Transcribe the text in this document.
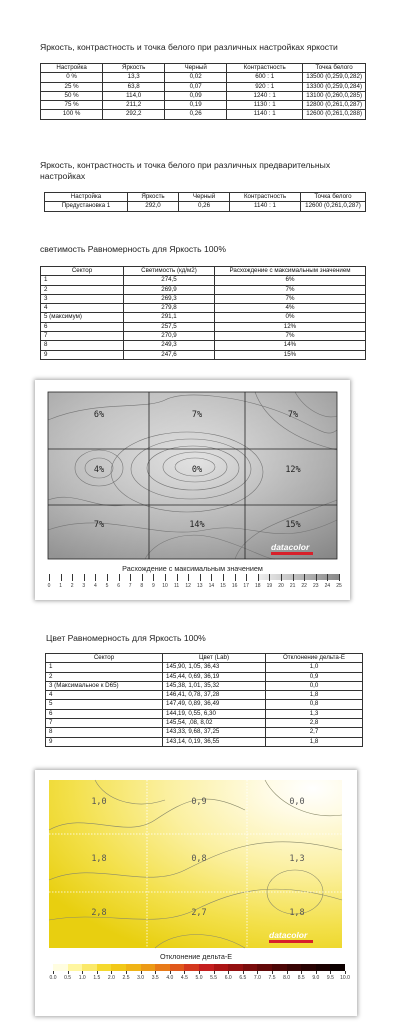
Яркость, контрастность и точка белого при различных настройках яркости
Настройка	Яркость	Черный	Контрастность	Точка белого
0 %	13,3	0,02	600 : 1	13500 (0,259,0,282)
25 %	63,8	0,07	920 : 1	13300 (0,259,0,284)
50 %	114,0	0,09	1240 : 1	13100 (0,260,0,285)
75 %	211,2	0,19	1130 : 1	12800 (0,261,0,287)
100 %	292,2	0,26	1140 : 1	12600 (0,261,0,288)
Яркость, контрастность и точка белого при различных предварительных настройках
Настройка	Яркость	Черный	Контрастность	Точка белого
Предустановка 1	292,0	0,26	1140 : 1	12600 (0,261,0,287)
светимость Равномерность для Яркость 100%
Сектор	Светимость (кд/м2)	Расхождение с максимальным значением
1	274,5	6%
2	269,9	7%
3	269,3	7%
4	279,8	4%
5 (максимум)	291,1	0%
6	257,5	12%
7	270,9	7%
8	249,3	14%
9	247,6	15%
6%	7%	7%
4%	0%	12%
7%	14%	15%
datacolor
Расхождение с максимальным значением
0 1 2 3 4 5 6 7 8 9 10 11 12 13 14 15 16 17 18 19 20 21 22 23 24 25
Цвет Равномерность для Яркость 100%
Сектор	Цвет (Lab)	Отклонение дельта-E
1	145,90, 1,05, 36,43	1,0
2	145,44, 0,69, 36,19	0,9
3 (Максимальное к D65)	145,38, 1,01, 35,32	0,0
4	146,41, 0,78, 37,28	1,8
5	147,49, 0,89, 36,49	0,8
6	144,19, 0,55, 6,30	1,3
7	145,54, ,08, 8,02	2,8
8	143,33, 9,68, 37,25	2,7
9	143,14, 0,19, 36,55	1,8
1,0	0,9	0,0
1,8	0,8	1,3
2,8	2,7	1,8
datacolor
Отклонение дельта-E
0.0 0.5 1.0 1.5 2.0 2.5 3.0 3.5 4.0 4.5 5.0 5.5 6.0 6.5 7.0 7.5 8.0 8.5 9.0 9.5 10.0
